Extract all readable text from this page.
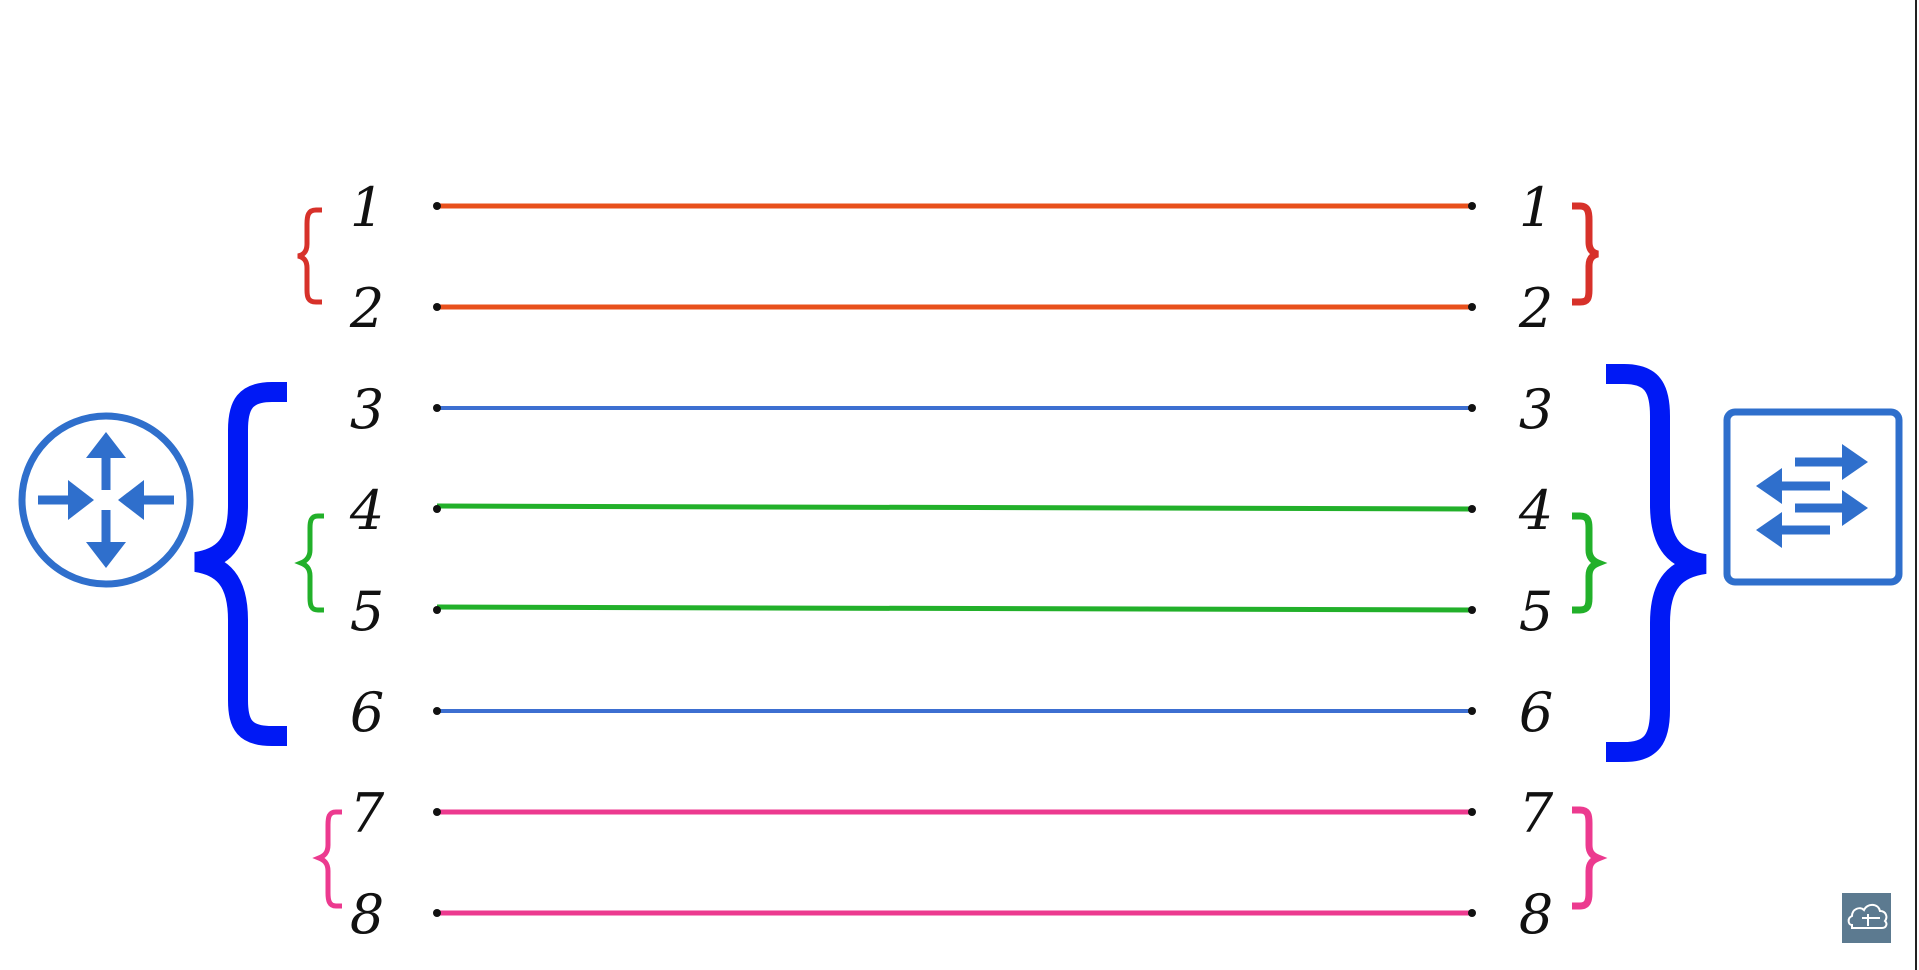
1
2
3
4
5
6
7
8
1
2
3
4
5
6
7
8
